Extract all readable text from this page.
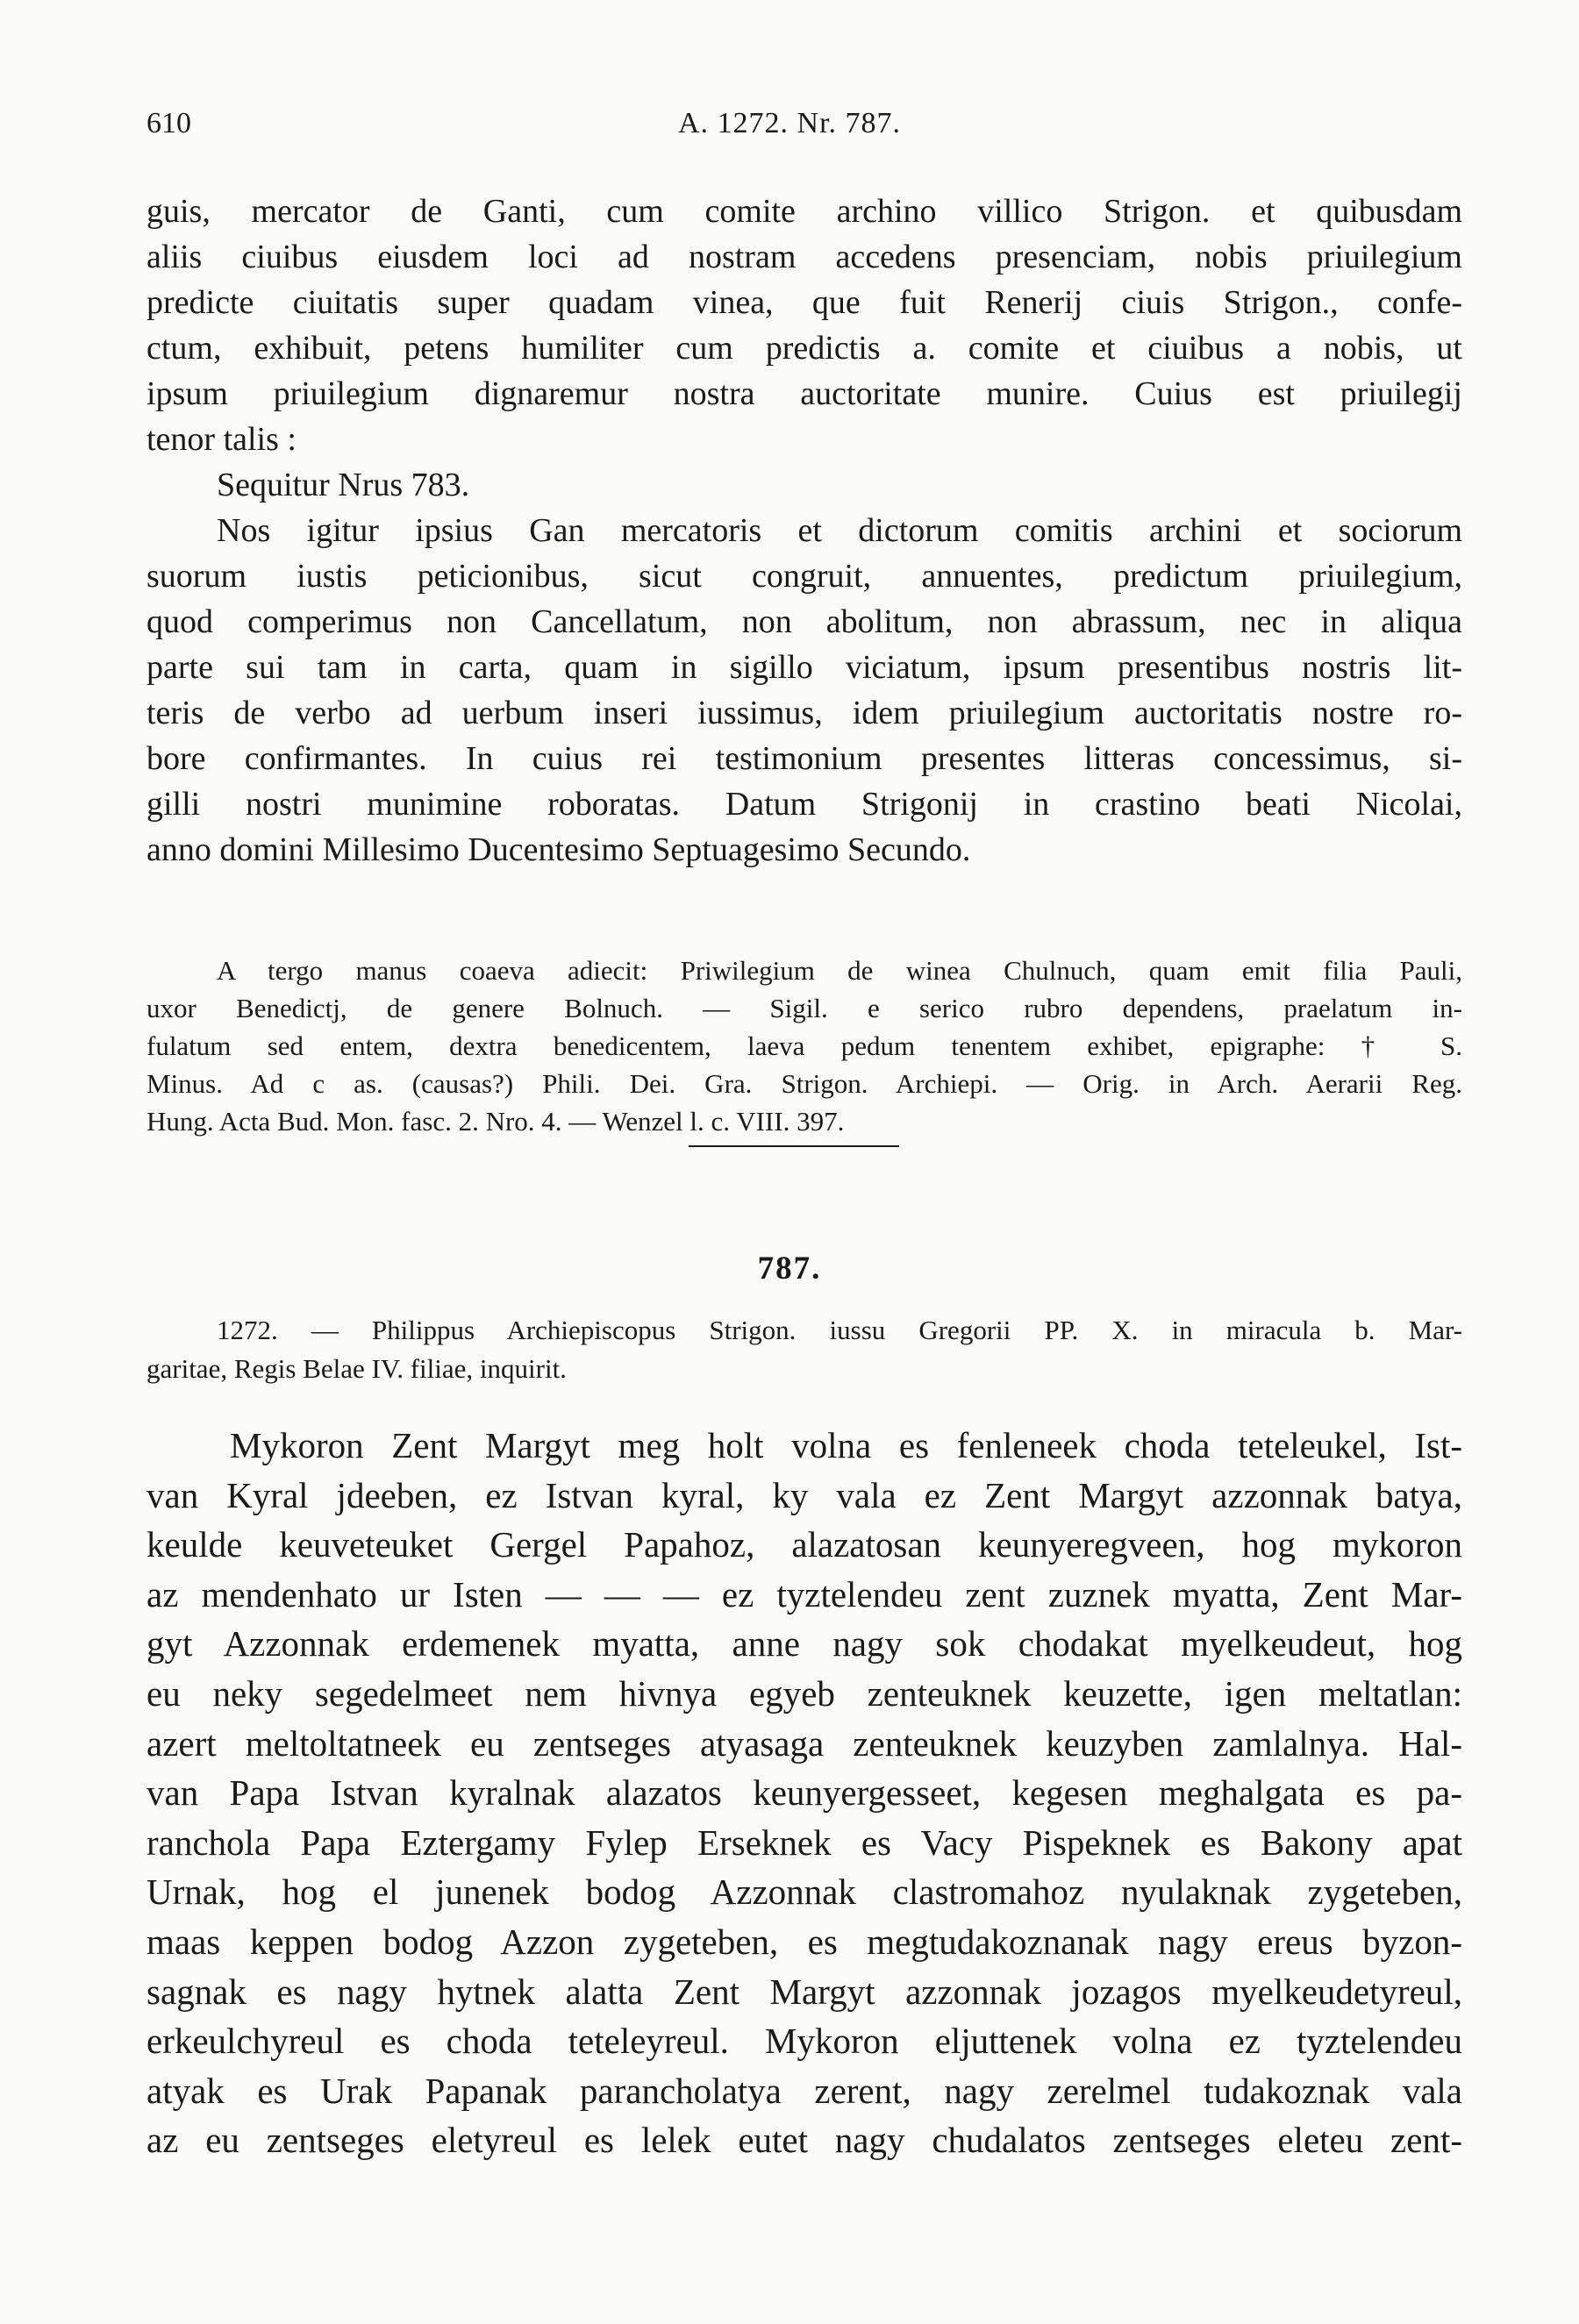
610	A. 1272. Nr. 787.
guis, mercator de Ganti, cum comite archino villico Strigon. et quibusdam
aliis ciuibus eiusdem loci ad nostram accedens presenciam, nobis priuilegium
predicte ciuitatis super quadam vinea, que fuit Renerij ciuis Strigon., confe-
ctum, exhibuit, petens humiliter cum predictis a. comite et ciuibus a nobis, ut
ipsum priuilegium dignaremur nostra auctoritate munire. Cuius est priuilegij
tenor talis :
Sequitur Nrus 783.
Nos igitur ipsius Gan mercatoris et dictorum comitis archini et sociorum
suorum iustis peticionibus, sicut congruit, annuentes, predictum priuilegium,
quod comperimus non Cancellatum, non abolitum, non abrassum, nec in aliqua
parte sui tam in carta, quam in sigillo viciatum, ipsum presentibus nostris lit-
teris de verbo ad uerbum inseri iussimus, idem priuilegium auctoritatis nostre ro-
bore confirmantes. In cuius rei testimonium presentes litteras concessimus, si-
gilli nostri munimine roboratas. Datum Strigonij in crastino beati Nicolai,
anno domini Millesimo Ducentesimo Septuagesimo Secundo.
A tergo manus coaeva adiecit: Priwilegium de winea Chulnuch, quam emit filia Pauli,
uxor Benedictj, de genere Bolnuch. — Sigil. e serico rubro dependens, praelatum in-
fulatum sed entem, dextra benedicentem, laeva pedum tenentem exhibet, epigraphe: † S.
Minus. Ad c as. (causas?) Phili. Dei. Gra. Strigon. Archiepi. — Orig. in Arch. Aerarii Reg.
Hung. Acta Bud. Mon. fasc. 2. Nro. 4. — Wenzel l. c. VIII. 397.
787.
1272. — Philippus Archiepiscopus Strigon. iussu Gregorii PP. X. in miracula b. Mar-
garitae, Regis Belae IV. filiae, inquirit.
Mykoron Zent Margyt meg holt volna es fenleneek choda teteleukel, Ist-
van Kyral jdeeben, ez Istvan kyral, ky vala ez Zent Margyt azzonnak batya,
keulde keuveteuket Gergel Papahoz, alazatosan keunyeregveen, hog mykoron
az mendenhato ur Isten — — — ez tyztelendeu zent zuznek myatta, Zent Mar-
gyt Azzonnak erdemenek myatta, anne nagy sok chodakat myelkeudeut, hog
eu neky segedelmeet nem hivnya egyeb zenteuknek keuzette, igen meltatlan:
azert meltoltatneek eu zentseges atyasaga zenteuknek keuzyben zamlalnya. Hal-
van Papa Istvan kyralnak alazatos keunyergesseet, kegesen meghalgata es pa-
ranchola Papa Eztergamy Fylep Erseknek es Vacy Pispeknek es Bakony apat
Urnak, hog el junenek bodog Azzonnak clastromahoz nyulaknak zygeteben,
maas keppen bodog Azzon zygeteben, es megtudakoznanak nagy ereus byzon-
sagnak es nagy hytnek alatta Zent Margyt azzonnak jozagos myelkeudetyreul,
erkeulchyreul es choda teteleyreul. Mykoron eljuttenek volna ez tyztelendeu
atyak es Urak Papanak parancholatya zerent, nagy zerelmel tudakoznak vala
az eu zentseges eletyreul es lelek eutet nagy chudalatos zentseges eleteu zent-
